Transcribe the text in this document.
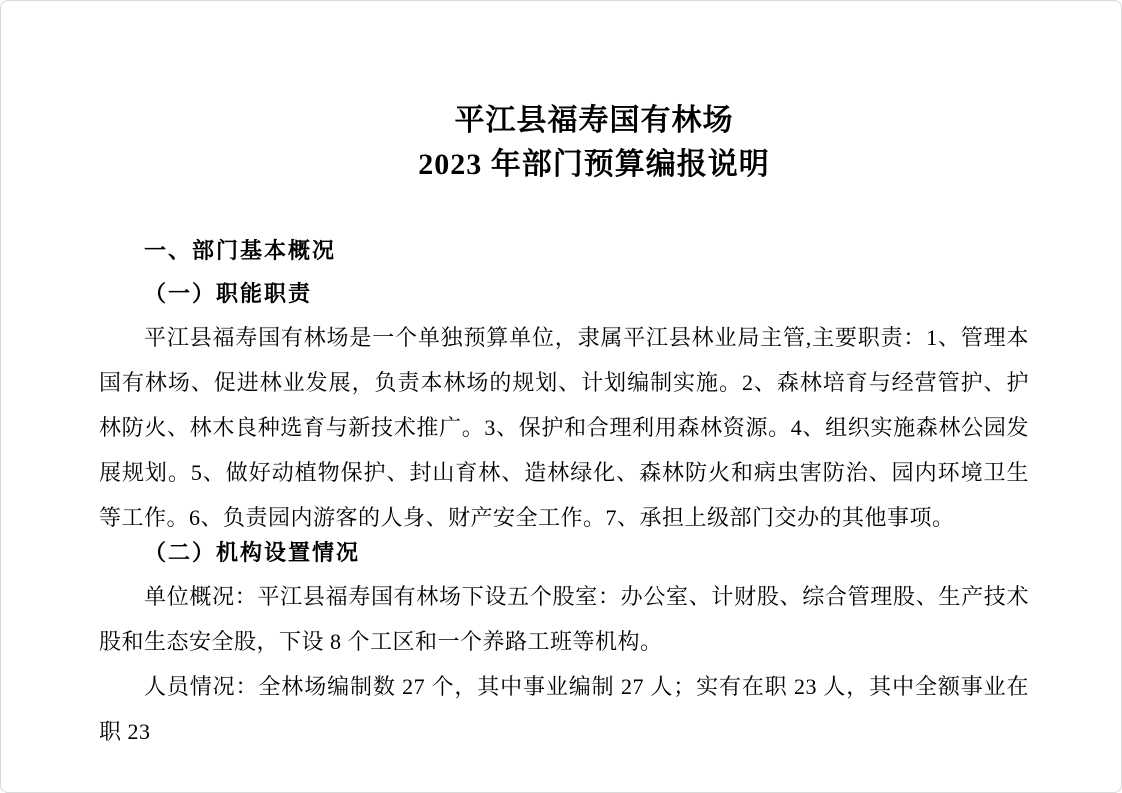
平江县福寿国有林场
2023 年部门预算编报说明
一、部门基本概况
（一）职能职责

平江县福寿国有林场是一个单独预算单位，隶属平江县林业局主管,主要职责：1、管理本国有林场、促进林业发展，负责本林场的规划、计划编制实施。2、森林培育与经营管护、护林防火、林木良种选育与新技术推广。3、保护和合理利用森林资源。4、组织实施森林公园发展规划。5、做好动植物保护、封山育林、造林绿化、森林防火和病虫害防治、园内环境卫生等工作。6、负责园内游客的人身、财产安全工作。7、承担上级部门交办的其他事项。

（二）机构设置情况

单位概况：平江县福寿国有林场下设五个股室：办公室、计财股、综合管理股、生产技术股和生态安全股，下设 8 个工区和一个养路工班等机构。

人员情况：全林场编制数 27 个，其中事业编制 27 人；实有在职 23 人，其中全额事业在职 23
